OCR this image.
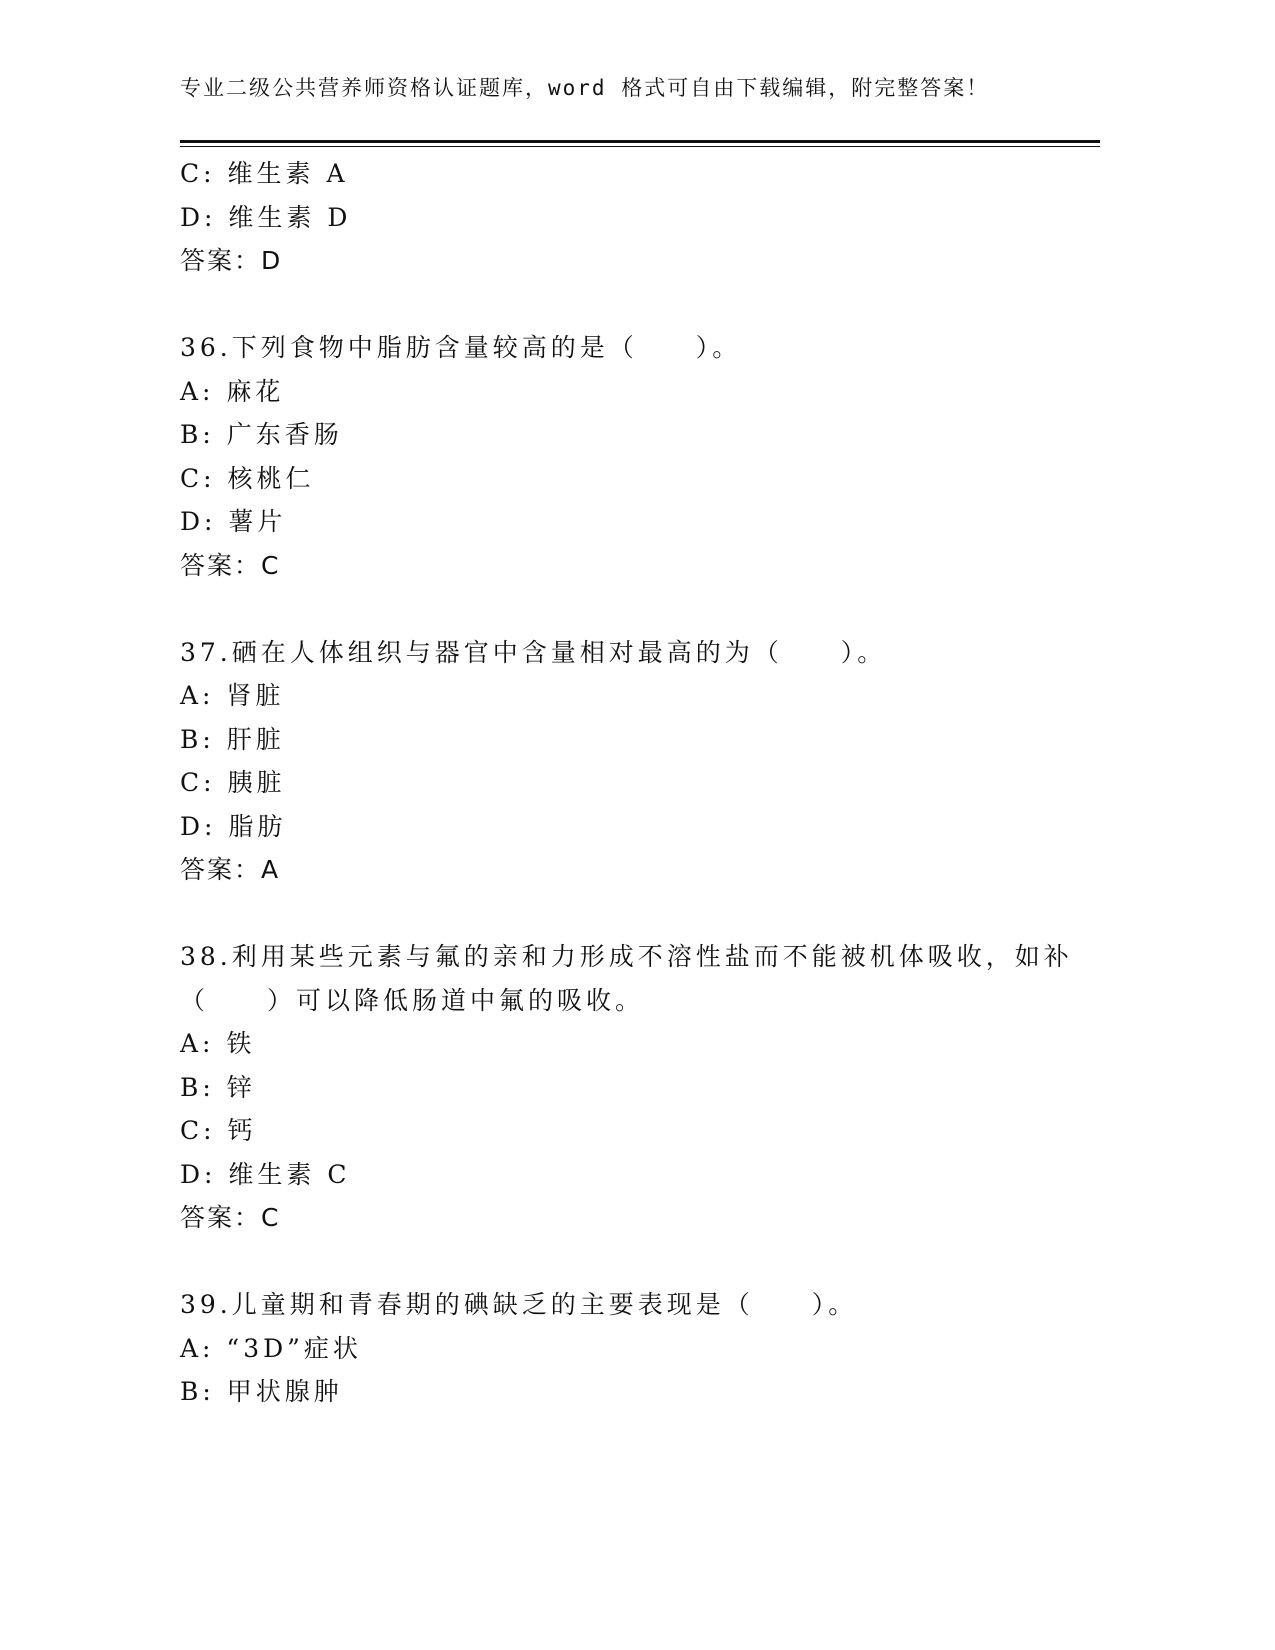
专业二级公共营养师资格认证题库，word 格式可自由下载编辑，附完整答案！
C: 维生素 A
D: 维生素 D
答案：D
36.下列食物中脂肪含量较高的是（　　）。
A: 麻花
B: 广东香肠
C: 核桃仁
D: 薯片
答案：C
37.硒在人体组织与器官中含量相对最高的为（　　）。
A: 肾脏
B: 肝脏
C: 胰脏
D: 脂肪
答案：A
38.利用某些元素与氟的亲和力形成不溶性盐而不能被机体吸收，如补
（　　）可以降低肠道中氟的吸收。
A: 铁
B: 锌
C: 钙
D: 维生素 C
答案：C
39.儿童期和青春期的碘缺乏的主要表现是（　　）。
A: “3D”症状
B: 甲状腺肿
